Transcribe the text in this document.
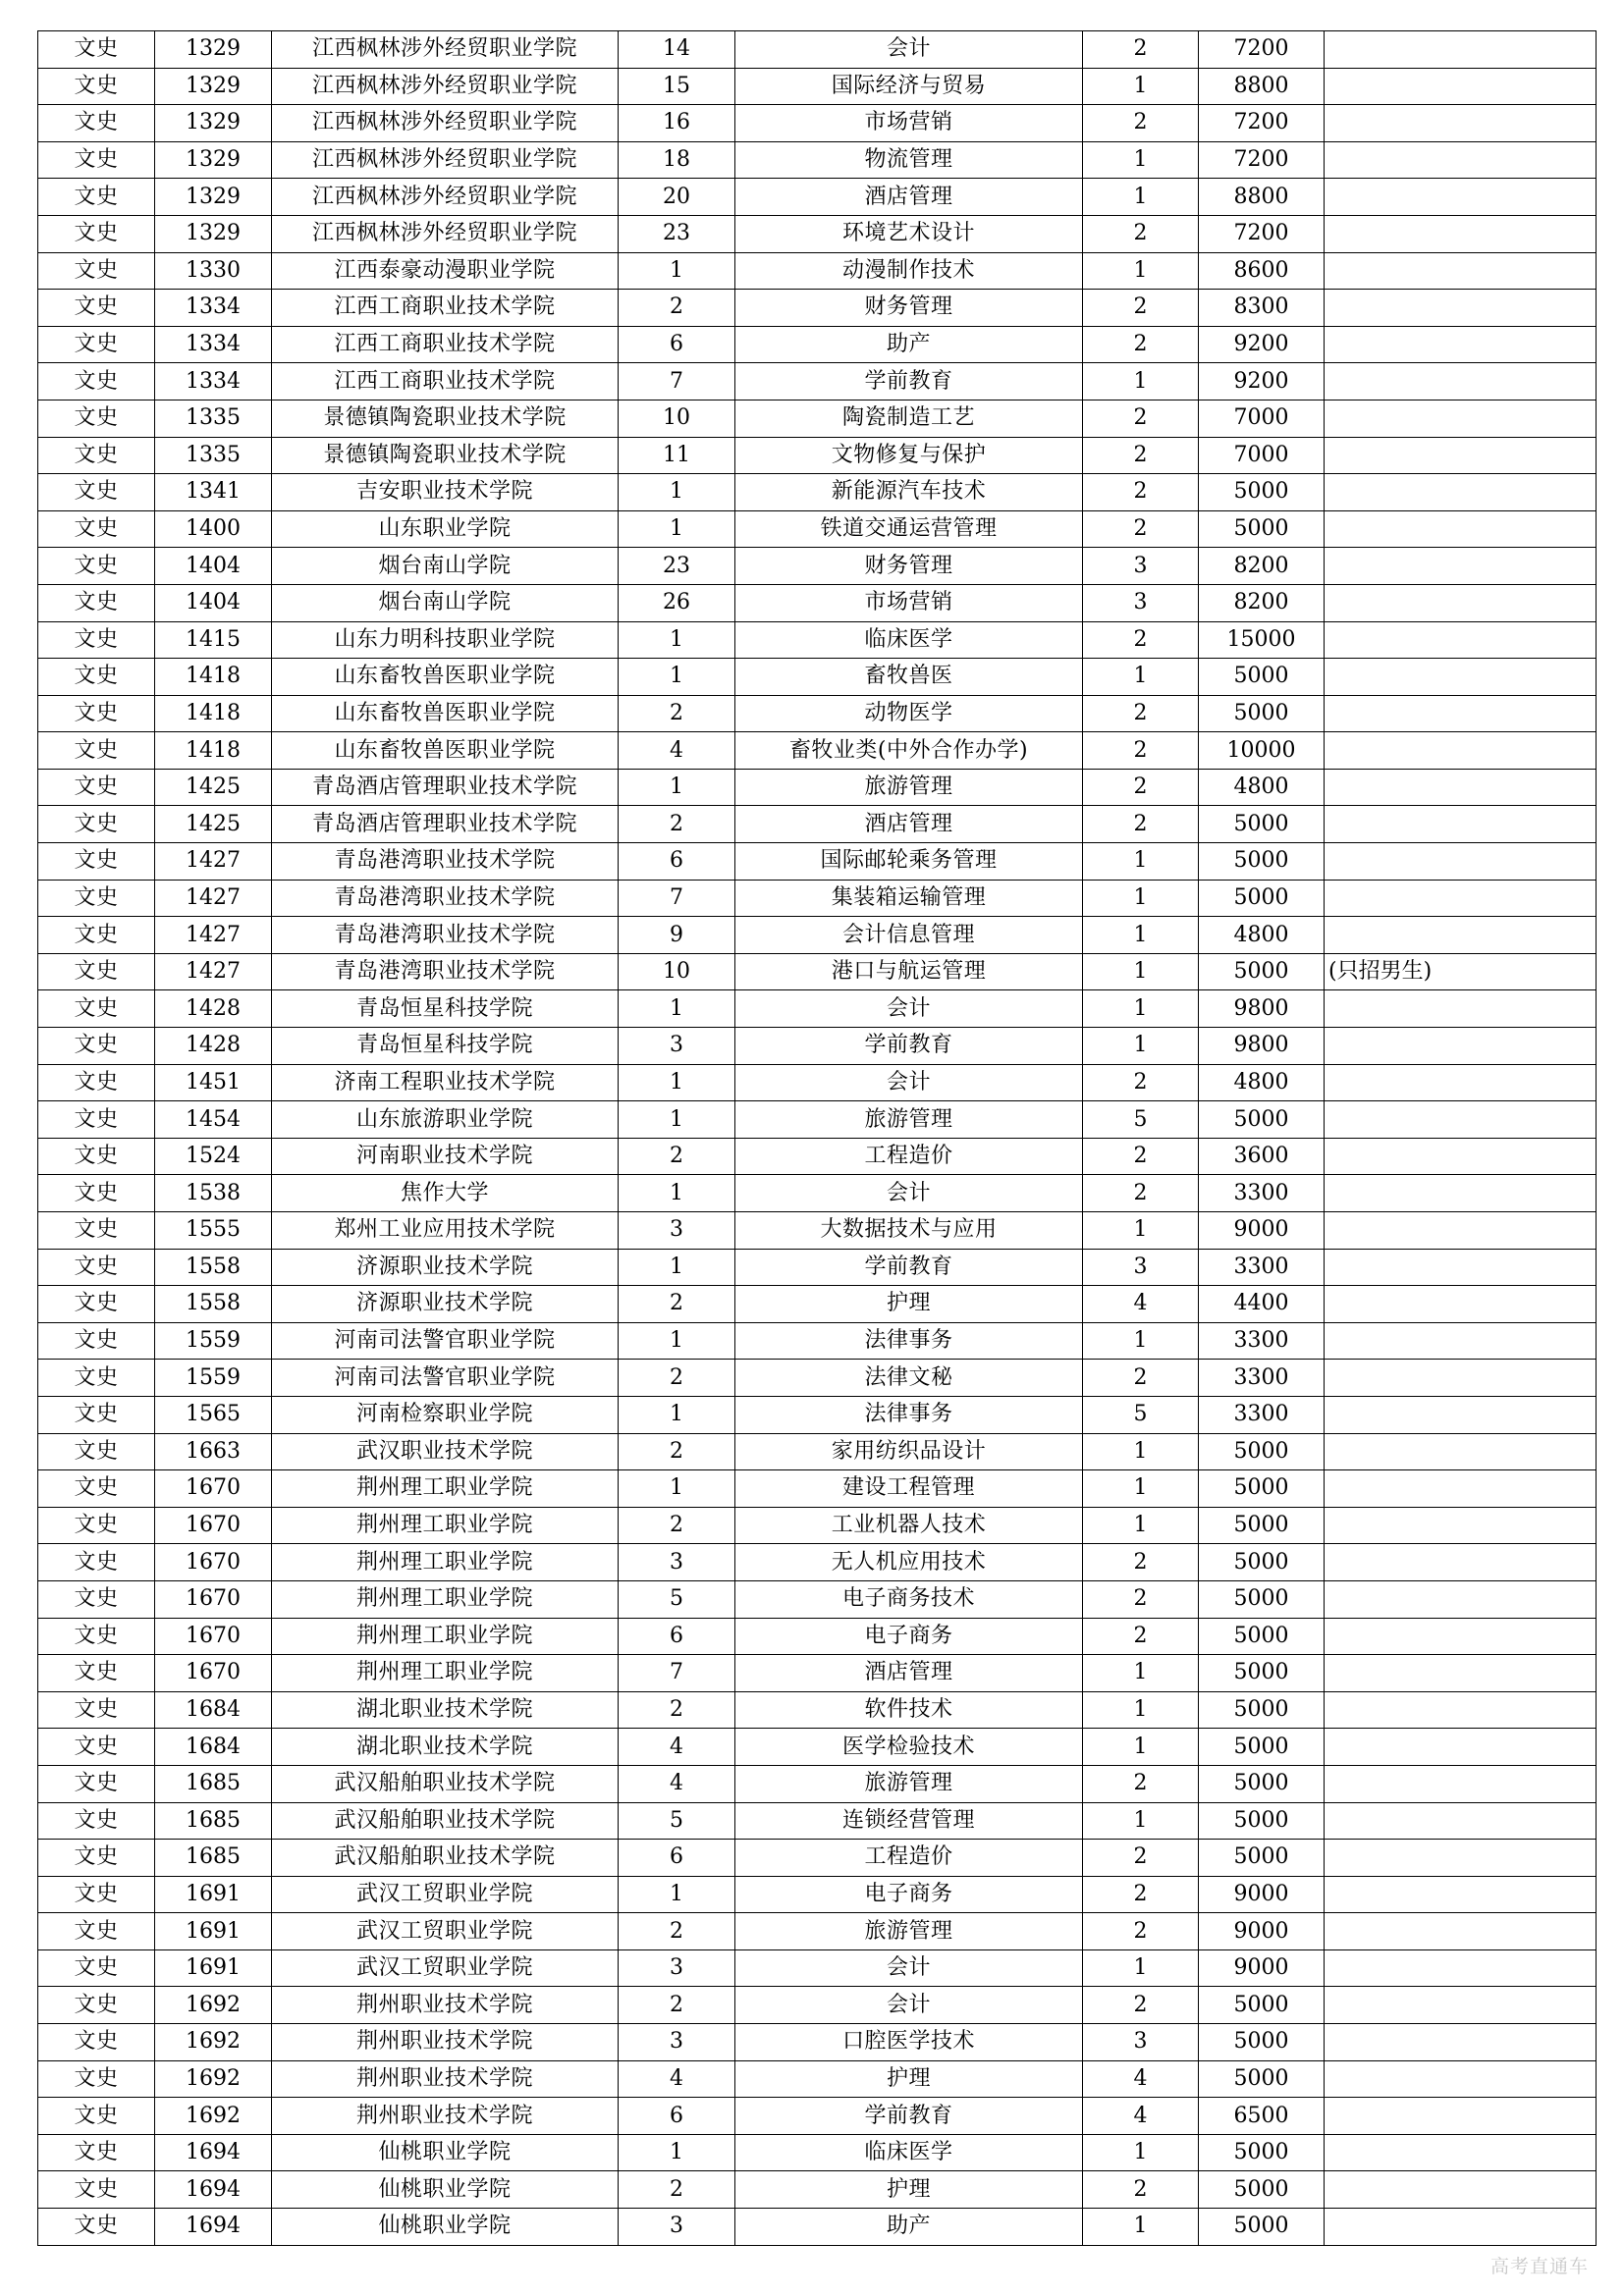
文史	1329	江西枫林涉外经贸职业学院	14	会计	2	7200	
文史	1329	江西枫林涉外经贸职业学院	15	国际经济与贸易	1	8800	
文史	1329	江西枫林涉外经贸职业学院	16	市场营销	2	7200	
文史	1329	江西枫林涉外经贸职业学院	18	物流管理	1	7200	
文史	1329	江西枫林涉外经贸职业学院	20	酒店管理	1	8800	
文史	1329	江西枫林涉外经贸职业学院	23	环境艺术设计	2	7200	
文史	1330	江西泰豪动漫职业学院	1	动漫制作技术	1	8600	
文史	1334	江西工商职业技术学院	2	财务管理	2	8300	
文史	1334	江西工商职业技术学院	6	助产	2	9200	
文史	1334	江西工商职业技术学院	7	学前教育	1	9200	
文史	1335	景德镇陶瓷职业技术学院	10	陶瓷制造工艺	2	7000	
文史	1335	景德镇陶瓷职业技术学院	11	文物修复与保护	2	7000	
文史	1341	吉安职业技术学院	1	新能源汽车技术	2	5000	
文史	1400	山东职业学院	1	铁道交通运营管理	2	5000	
文史	1404	烟台南山学院	23	财务管理	3	8200	
文史	1404	烟台南山学院	26	市场营销	3	8200	
文史	1415	山东力明科技职业学院	1	临床医学	2	15000	
文史	1418	山东畜牧兽医职业学院	1	畜牧兽医	1	5000	
文史	1418	山东畜牧兽医职业学院	2	动物医学	2	5000	
文史	1418	山东畜牧兽医职业学院	4	畜牧业类(中外合作办学)	2	10000	
文史	1425	青岛酒店管理职业技术学院	1	旅游管理	2	4800	
文史	1425	青岛酒店管理职业技术学院	2	酒店管理	2	5000	
文史	1427	青岛港湾职业技术学院	6	国际邮轮乘务管理	1	5000	
文史	1427	青岛港湾职业技术学院	7	集装箱运输管理	1	5000	
文史	1427	青岛港湾职业技术学院	9	会计信息管理	1	4800	
文史	1427	青岛港湾职业技术学院	10	港口与航运管理	1	5000	(只招男生)
文史	1428	青岛恒星科技学院	1	会计	1	9800	
文史	1428	青岛恒星科技学院	3	学前教育	1	9800	
文史	1451	济南工程职业技术学院	1	会计	2	4800	
文史	1454	山东旅游职业学院	1	旅游管理	5	5000	
文史	1524	河南职业技术学院	2	工程造价	2	3600	
文史	1538	焦作大学	1	会计	2	3300	
文史	1555	郑州工业应用技术学院	3	大数据技术与应用	1	9000	
文史	1558	济源职业技术学院	1	学前教育	3	3300	
文史	1558	济源职业技术学院	2	护理	4	4400	
文史	1559	河南司法警官职业学院	1	法律事务	1	3300	
文史	1559	河南司法警官职业学院	2	法律文秘	2	3300	
文史	1565	河南检察职业学院	1	法律事务	5	3300	
文史	1663	武汉职业技术学院	2	家用纺织品设计	1	5000	
文史	1670	荆州理工职业学院	1	建设工程管理	1	5000	
文史	1670	荆州理工职业学院	2	工业机器人技术	1	5000	
文史	1670	荆州理工职业学院	3	无人机应用技术	2	5000	
文史	1670	荆州理工职业学院	5	电子商务技术	2	5000	
文史	1670	荆州理工职业学院	6	电子商务	2	5000	
文史	1670	荆州理工职业学院	7	酒店管理	1	5000	
文史	1684	湖北职业技术学院	2	软件技术	1	5000	
文史	1684	湖北职业技术学院	4	医学检验技术	1	5000	
文史	1685	武汉船舶职业技术学院	4	旅游管理	2	5000	
文史	1685	武汉船舶职业技术学院	5	连锁经营管理	1	5000	
文史	1685	武汉船舶职业技术学院	6	工程造价	2	5000	
文史	1691	武汉工贸职业学院	1	电子商务	2	9000	
文史	1691	武汉工贸职业学院	2	旅游管理	2	9000	
文史	1691	武汉工贸职业学院	3	会计	1	9000	
文史	1692	荆州职业技术学院	2	会计	2	5000	
文史	1692	荆州职业技术学院	3	口腔医学技术	3	5000	
文史	1692	荆州职业技术学院	4	护理	4	5000	
文史	1692	荆州职业技术学院	6	学前教育	4	6500	
文史	1694	仙桃职业学院	1	临床医学	1	5000	
文史	1694	仙桃职业学院	2	护理	2	5000	
文史	1694	仙桃职业学院	3	助产	1	5000	
高考直通车
